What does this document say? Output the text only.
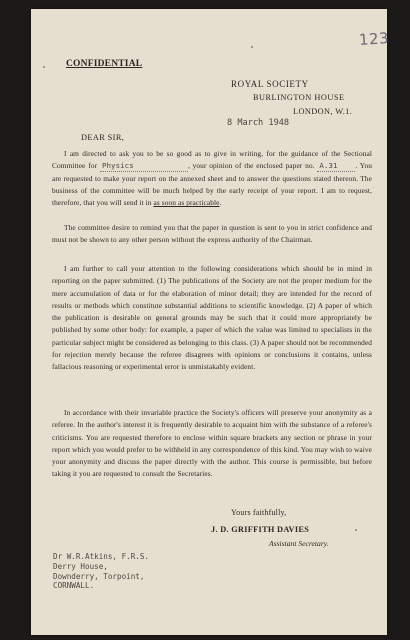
123
CONFIDENTIAL
ROYAL SOCIETY
BURLINGTON HOUSE
LONDON, W.1.
8 March 1948
DEAR SIR,
I am directed to ask you to be so good as to give in writing, for the guidance of the Sectional Committee for Physics	, your opinion of the enclosed paper no. A.31 . You are requested to make your report on the annexed sheet and to answer the questions stated thereon. The business of the committee will be much helped by the early receipt of your report. I am to request, therefore, that you will send it in as soon as practicable.
The committee desire to remind you that the paper in question is sent to you in strict confidence and must not be shown to any other person without the express authority of the Chairman.
I am further to call your attention to the following considerations which should be in mind in reporting on the paper submitted. (1) The publications of the Society are not the proper medium for the mere accumulation of data or for the elaboration of minor detail; they are intended for the record of results or methods which constitute substantial additions to scientific knowledge. (2) A paper of which the publication is desirable on general grounds may be such that it could more appropriately be published by some other body: for example, a paper of which the value was limited to specialists in the particular subject might be considered as belonging to this class. (3) A paper should not be recommended for rejection merely because the referee disagrees with opinions or conclusions it contains, unless fallacious reasoning or experimental error is unmistakably evident.
In accordance with their invariable practice the Society's officers will preserve your anonymity as a referee. In the author's interest it is frequently desirable to acquaint him with the substance of a referee's criticisms. You are requested therefore to enclose within square brackets any section or phrase in your report which you would prefer to be withheld in any correspondence of this kind. You may wish to waive your anonymity and discuss the paper directly with the author. This course is permissible, but before taking it you are requested to consult the Secretaries.
Yours faithfully,
J. D. GRIFFITH DAVIES
Assistant Secretary.
Dr W.R.Atkins, F.R.S.
Derry House,
Downderry, Torpoint,
CORNWALL.
